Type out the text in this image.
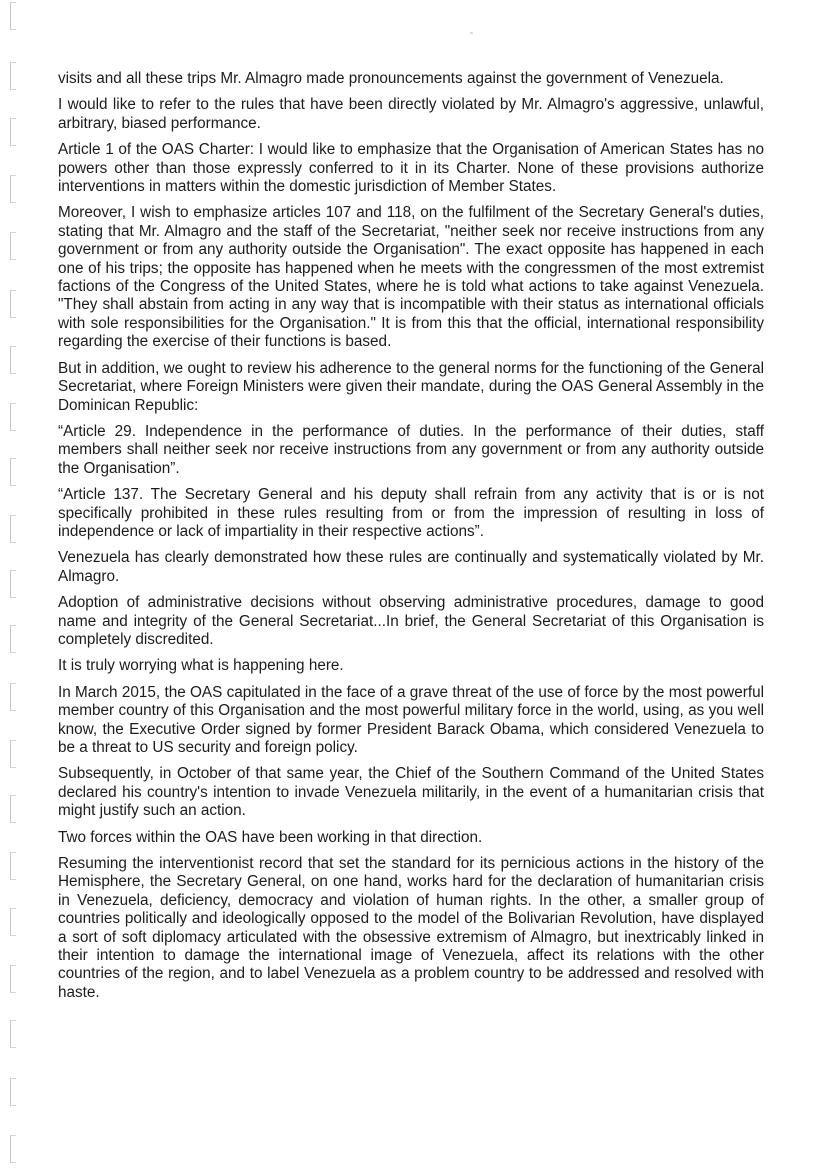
visits and all these trips Mr. Almagro made pronouncements against the government of Venezuela.

I would like to refer to the rules that have been directly violated by Mr. Almagro's aggressive, unlawful, arbitrary, biased performance.

Article 1 of the OAS Charter: I would like to emphasize that the Organisation of American States has no powers other than those expressly conferred to it in its Charter. None of these provisions authorize interventions in matters within the domestic jurisdiction of Member States.

Moreover, I wish to emphasize articles 107 and 118, on the fulfilment of the Secretary General's duties, stating that Mr. Almagro and the staff of the Secretariat, "neither seek nor receive instructions from any government or from any authority outside the Organisation". The exact opposite has happened in each one of his trips; the opposite has happened when he meets with the congressmen of the most extremist factions of the Congress of the United States, where he is told what actions to take against Venezuela. "They shall abstain from acting in any way that is incompatible with their status as international officials with sole responsibilities for the Organisation." It is from this that the official, international responsibility regarding the exercise of their functions is based.

But in addition, we ought to review his adherence to the general norms for the functioning of the General Secretariat, where Foreign Ministers were given their mandate, during the OAS General Assembly in the Dominican Republic:

“Article 29. Independence in the performance of duties. In the performance of their duties, staff members shall neither seek nor receive instructions from any government or from any authority outside the Organisation”.

“Article 137. The Secretary General and his deputy shall refrain from any activity that is or is not specifically prohibited in these rules resulting from or from the impression of resulting in loss of independence or lack of impartiality in their respective actions”.

Venezuela has clearly demonstrated how these rules are continually and systematically violated by Mr. Almagro.

Adoption of administrative decisions without observing administrative procedures, damage to good name and integrity of the General Secretariat...In brief, the General Secretariat of this Organisation is completely discredited.

It is truly worrying what is happening here.

In March 2015, the OAS capitulated in the face of a grave threat of the use of force by the most powerful member country of this Organisation and the most powerful military force in the world, using, as you well know, the Executive Order signed by former President Barack Obama, which considered Venezuela to be a threat to US security and foreign policy.

Subsequently, in October of that same year, the Chief of the Southern Command of the United States declared his country's intention to invade Venezuela militarily, in the event of a humanitarian crisis that might justify such an action.

Two forces within the OAS have been working in that direction.

Resuming the interventionist record that set the standard for its pernicious actions in the history of the Hemisphere, the Secretary General, on one hand, works hard for the declaration of humanitarian crisis in Venezuela, deficiency, democracy and violation of human rights. In the other, a smaller group of countries politically and ideologically opposed to the model of the Bolivarian Revolution, have displayed a sort of soft diplomacy articulated with the obsessive extremism of Almagro, but inextricably linked in their intention to damage the international image of Venezuela, affect its relations with the other countries of the region, and to label Venezuela as a problem country to be addressed and resolved with haste.
